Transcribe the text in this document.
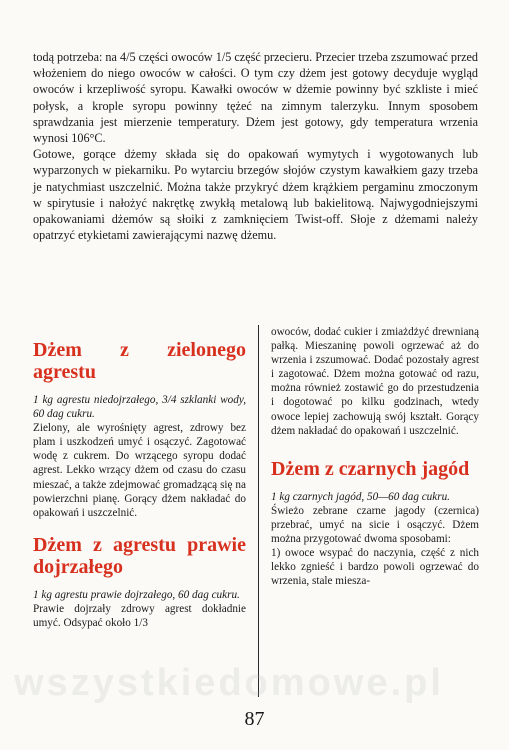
todą potrzeba: na 4/5 części owoców 1/5 część przecieru. Przecier trzeba zszumować przed włożeniem do niego owoców w całości. O tym czy dżem jest gotowy decyduje wygląd owoców i krzepliwość syropu. Kawałki owoców w dżemie powinny być szkliste i mieć połysk, a krople syropu powinny tężeć na zimnym talerzyku. Innym sposobem sprawdzania jest mierzenie temperatury. Dżem jest gotowy, gdy temperatura wrzenia wynosi 106°C.

Gotowe, gorące dżemy składa się do opakowań wymytych i wygotowanych lub wyparzonych w piekarniku. Po wytarciu brzegów słojów czystym kawałkiem gazy trzeba je natychmiast uszczelnić. Można także przykryć dżem krążkiem pergaminu zmoczonym w spirytusie i nałożyć nakrętkę zwykłą metalową lub bakielitową. Najwygodniejszymi opakowaniami dżemów są słoiki z zamknięciem Twist-off. Słoje z dżemami należy opatrzyć etykietami zawierającymi nazwę dżemu.

Dżem z zielonego agrestu

1 kg agrestu niedojrzałego, 3/4 szklanki wody, 60 dag cukru.

Zielony, ale wyrośnięty agrest, zdrowy bez plam i uszkodzeń umyć i osączyć. Zagotować wodę z cukrem. Do wrzącego syropu dodać agrest. Lekko wrzący dżem od czasu do czasu mieszać, a także zdejmować gromadzącą się na powierzchni pianę. Gorący dżem nakładać do opakowań i uszczelnić.

Dżem z agrestu prawie dojrzałego

1 kg agrestu prawie dojrzałego, 60 dag cukru.

Prawie dojrzały zdrowy agrest dokładnie umyć. Odsypać około 1/3

owoców, dodać cukier i zmiażdżyć drewnianą pałką. Mieszaninę powoli ogrzewać aż do wrzenia i zszumować. Dodać pozostały agrest i zagotować. Dżem można gotować od razu, można również zostawić go do przestudzenia i dogotować po kilku godzinach, wtedy owoce lepiej zachowują swój kształt. Gorący dżem nakładać do opakowań i uszczelnić.

Dżem z czarnych jagód

1 kg czarnych jagód, 50—60 dag cukru.

Świeżo zebrane czarne jagody (czernica) przebrać, umyć na sicie i osączyć. Dżem można przygotować dwoma sposobami:

1) owoce wsypać do naczynia, część z nich lekko zgnieść i bardzo powoli ogrzewać do wrzenia, stale miesza-

wszystkiedomowe.pl
87
